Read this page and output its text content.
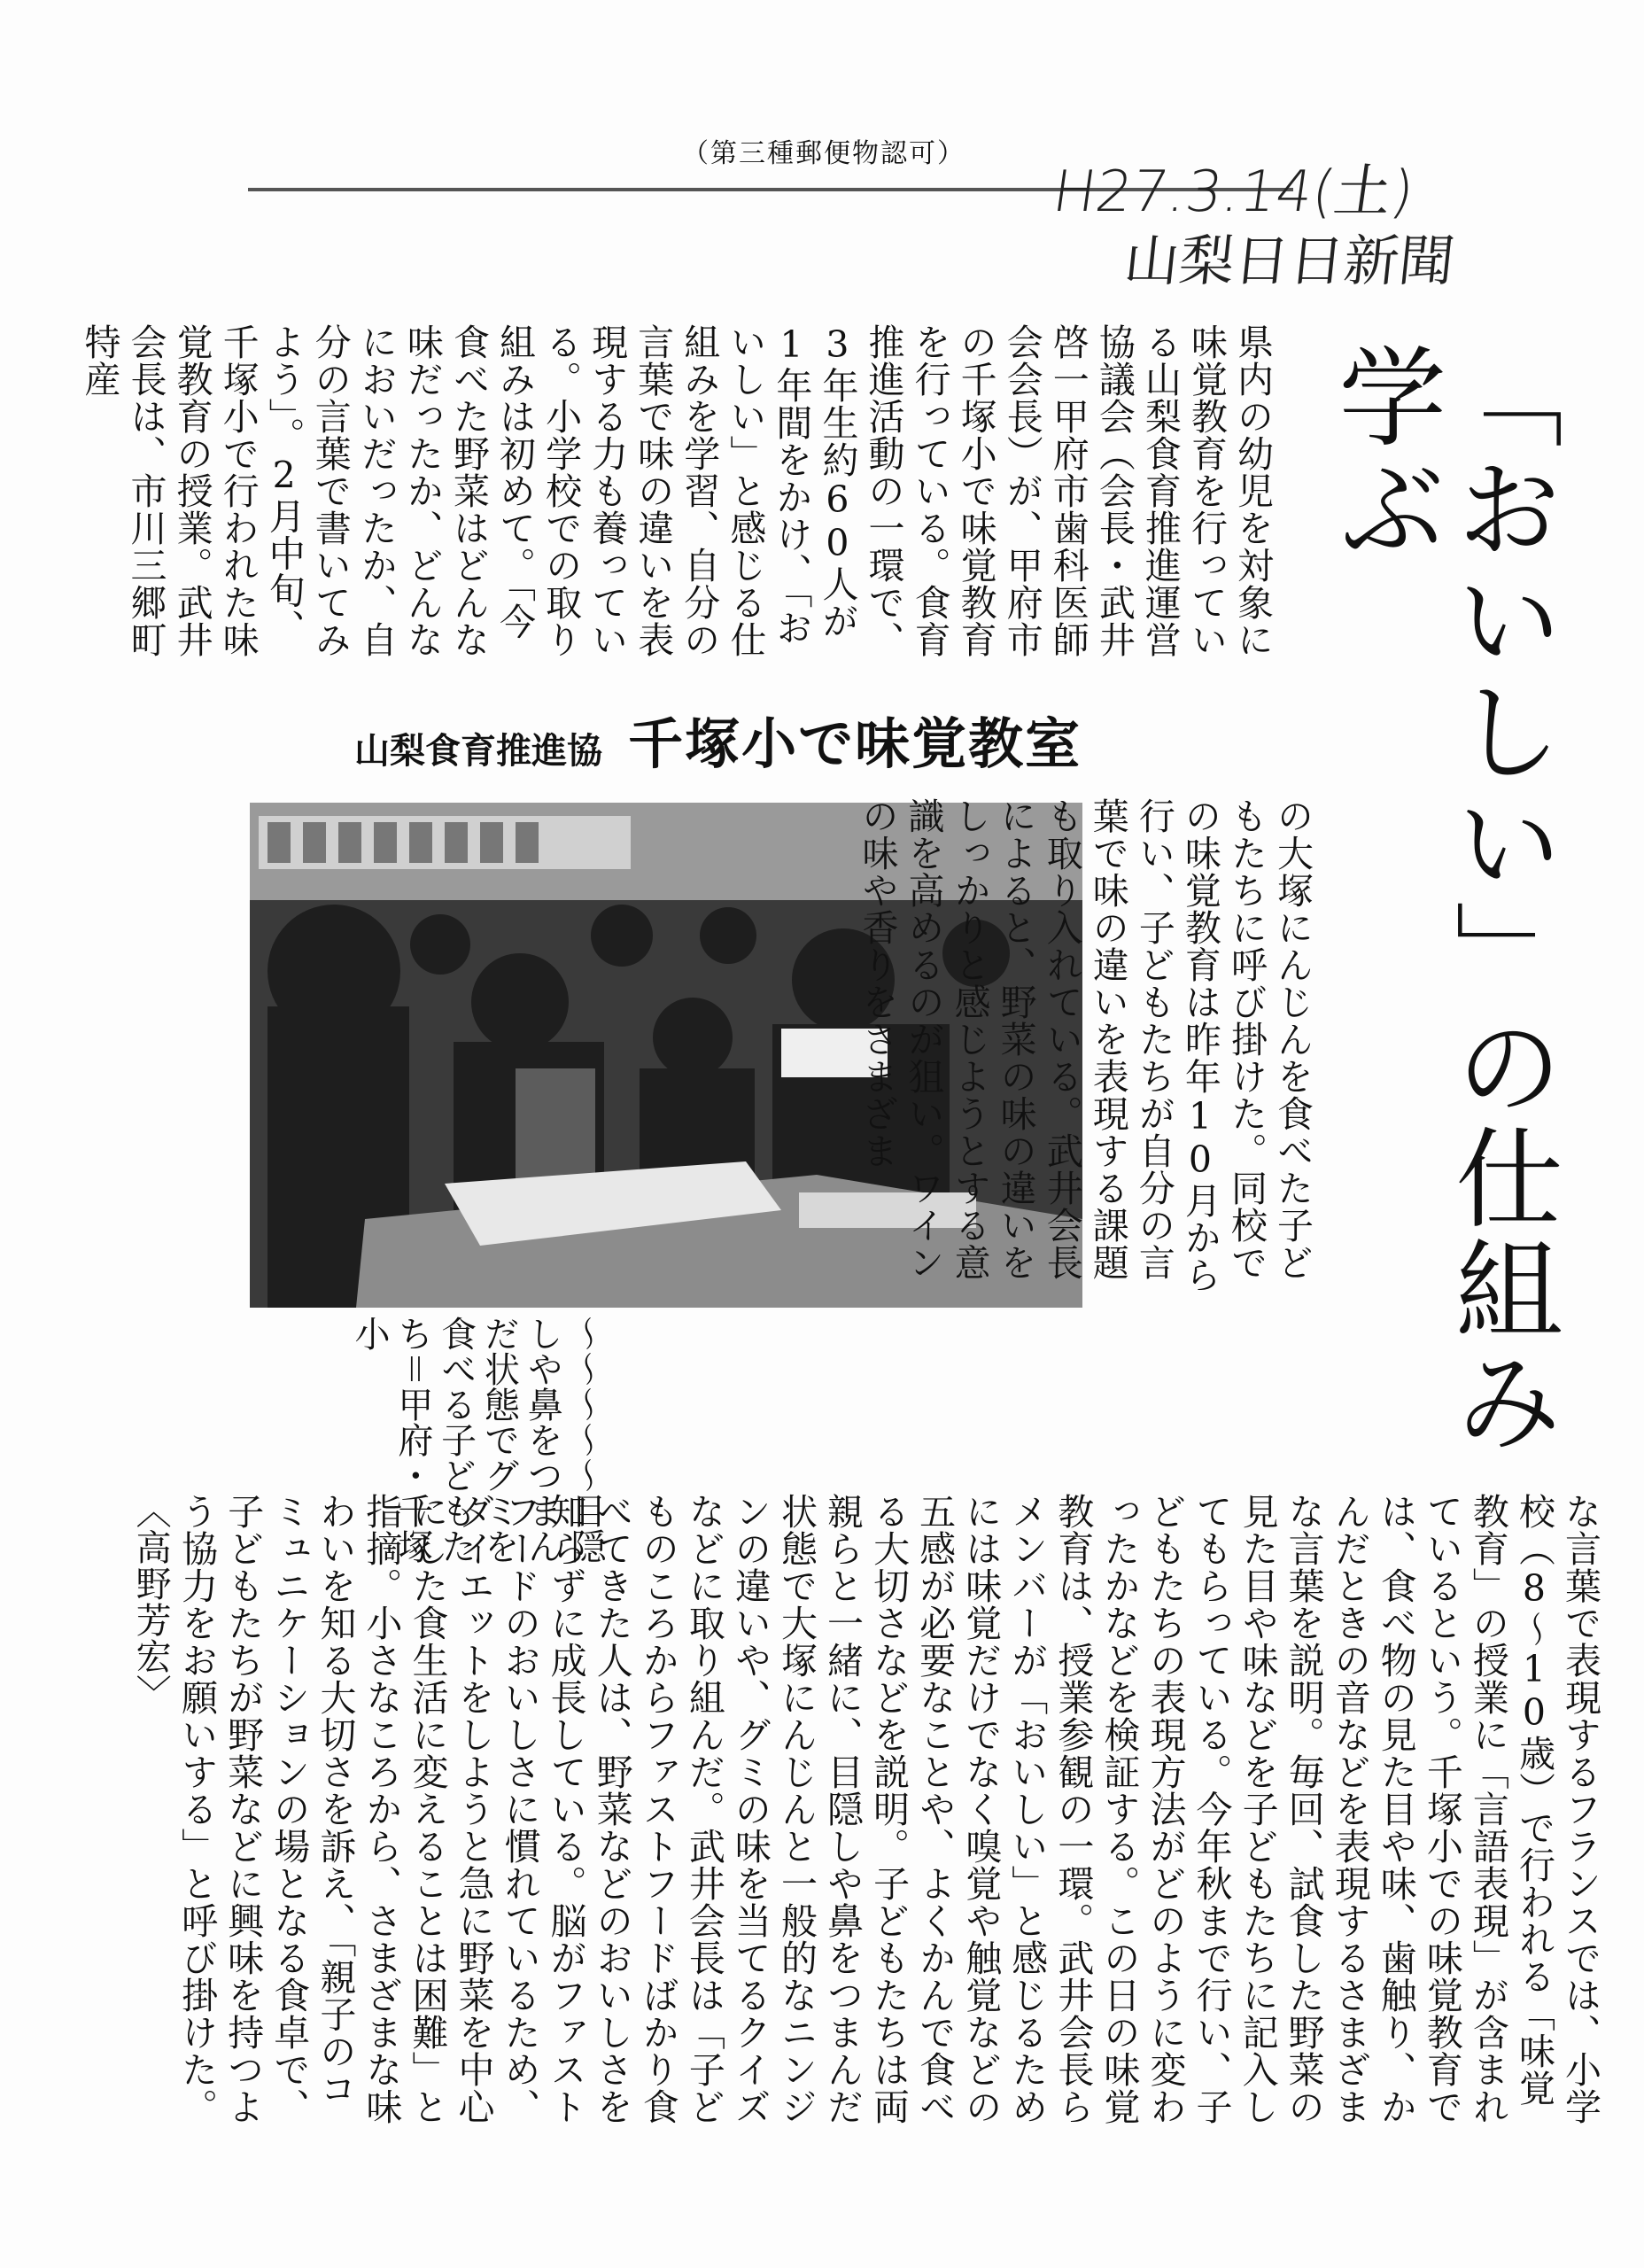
（第三種郵便物認可）
H27.3.14(土)
山梨日日新聞
「おいしい」の仕組み学ぶ
県内の幼児を対象に味覚教育を行っている山梨食育推進運営協議会（会長・武井啓一甲府市歯科医師会会長）が、甲府市の千塚小で味覚教育を行っている。食育推進活動の一環で、3年生約60人が1年間をかけ、「おいしい」と感じる仕組みを学習、自分の言葉で味の違いを表現する力も養っている。小学校での取り組みは初めて。「今食べた野菜はどんな味だったか、どんなにおいだったか、自分の言葉で書いてみよう」。2月中旬、千塚小で行われた味覚教育の授業。武井会長は、市川三郷町特産
山梨食育推進協 千塚小で味覚教室
の大塚にんじんを食べた子どもたちに呼び掛けた。同校での味覚教育は昨年10月から行い、子どもたちが自分の言葉で味の違いを表現する課題も取り入れている。武井会長によると、野菜の味の違いをしっかりと感じようとする意識を高めるのが狙い。ワインの味や香りをさまざま
〜〜〜〜〜目隠しや鼻をつまんだ状態でグミを食べる子どもたち＝甲府・千塚小
な言葉で表現するフランスでは、小学校（8〜10歳）で行われる「味覚教育」の授業に「言語表現」が含まれているという。千塚小での味覚教育では、食べ物の見た目や味、歯触り、かんだときの音などを表現するさまざまな言葉を説明。毎回、試食した野菜の見た目や味などを子どもたちに記入してもらっている。今年秋まで行い、子どもたちの表現方法がどのように変わったかなどを検証する。この日の味覚教育は、授業参観の一環。武井会長らメンバーが「おいしい」と感じるためには味覚だけでなく嗅覚や触覚などの五感が必要なことや、よくかんで食べる大切さなどを説明。子どもたちは両親らと一緒に、目隠しや鼻をつまんだ状態で大塚にんじんと一般的なニンジンの違いや、グミの味を当てるクイズなどに取り組んだ。武井会長は「子どものころからファストフードばかり食べてきた人は、野菜などのおいしさを知らずに成長している。脳がファストフードのおいしさに慣れているため、ダイエットをしようと急に野菜を中心にした食生活に変えることは困難」と指摘。小さなころから、さまざまな味わいを知る大切さを訴え、「親子のコミュニケーションの場となる食卓で、子どもたちが野菜などに興味を持つよう協力をお願いする」と呼び掛けた。〈高野芳宏〉
